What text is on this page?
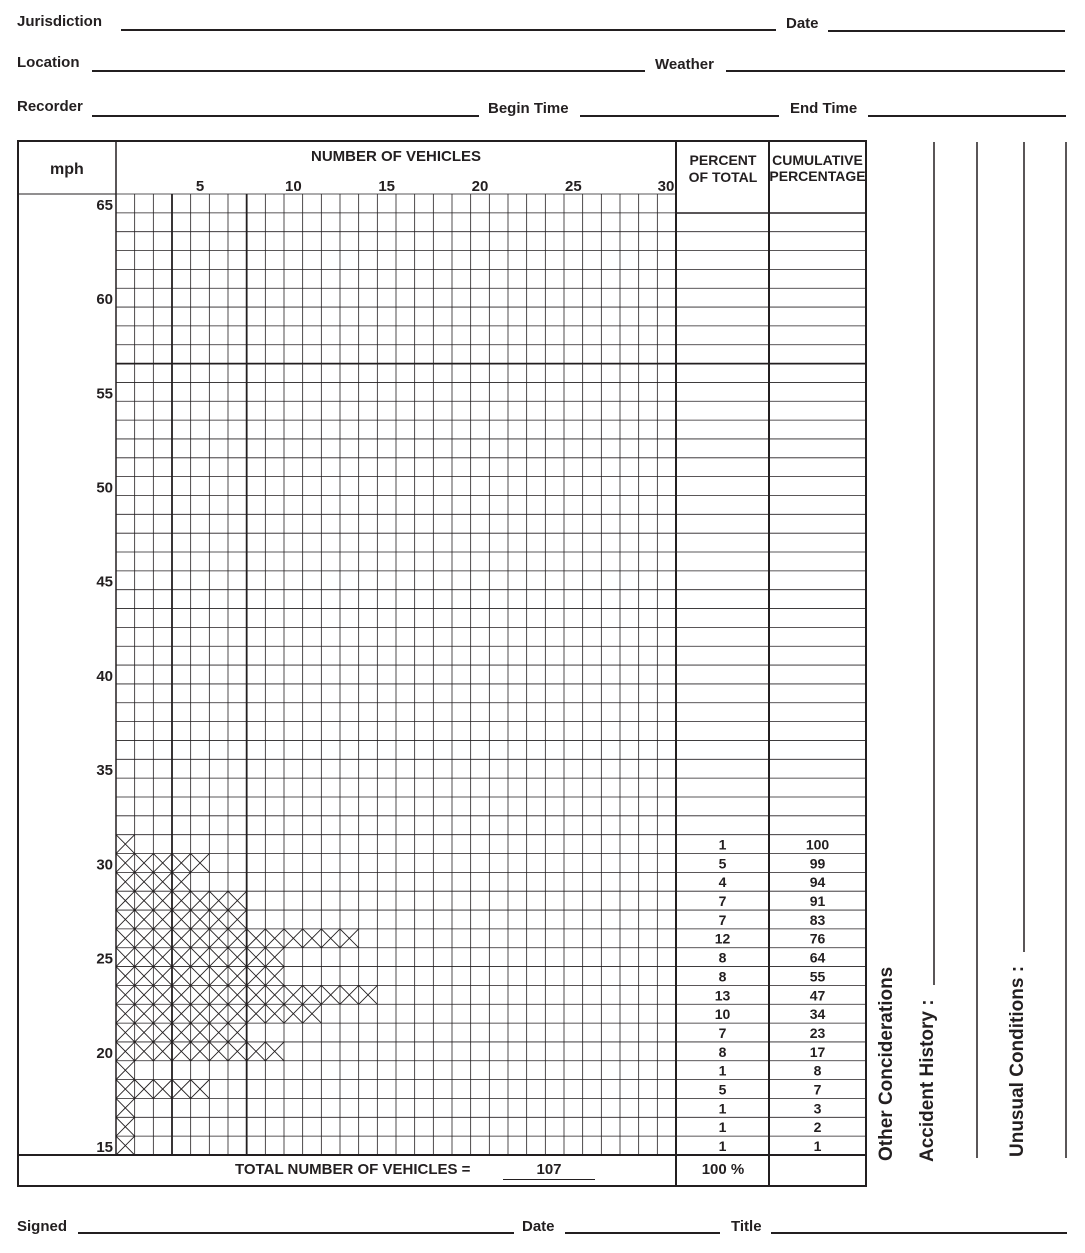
Jurisdiction	Date
Location	Weather
Recorder	Begin Time	End Time
mph
NUMBER OF VEHICLES	PERCENT
OF TOTAL
CUMULATIVE
PERCENTAGE
TOTAL NUMBER OF VEHICLES =	107	100 %
Other Conciderations
Accident History :	Unusual Conditions :
Signed	Date	Title
5	10	15	20	25	30
65
60
55
50
45
40
35
30
25
20
15
1	100
5	99
4	94
7	91
7	83
12	76
8	64
8	55
13	47
10	34
7	23
8	17
1	8
5	7
1	3
1	2
1	1
